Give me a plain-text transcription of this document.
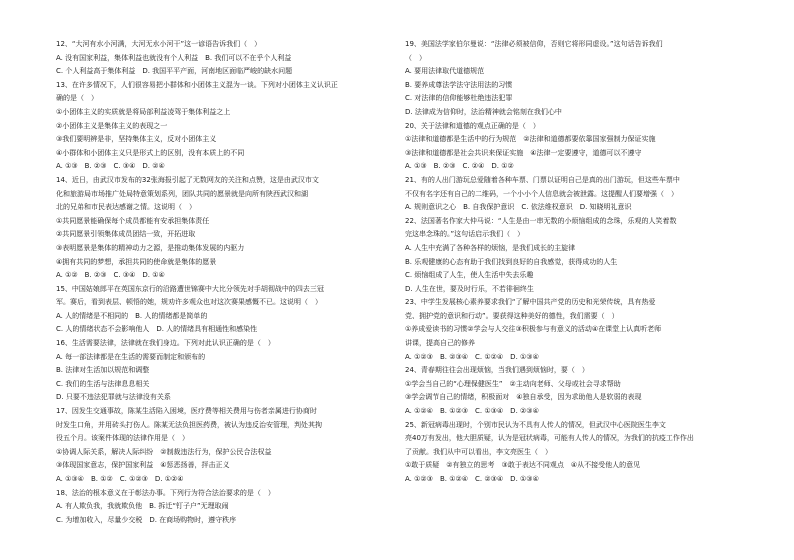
12、“大河有水小河满，大河无水小河干”这一谚语告诉我们（　）
A. 没有国家利益，集体利益也就没有个人利益　B. 我们可以不在乎个人利益
C. 个人利益高于集体利益　D. 我国平平产面，河南地区面临严峻的缺水问题
13、在许多情况下，人们很容易把小群体和小团体主义混为一谈。下列对小团体主义认识正
确的是（　）
①小团体主义的实质就是将局部利益凌驾于集体利益之上
②小团体主义是集体主义的表现之一
③我们要明辨是非，坚持集体主义，反对小团体主义
④小群体和小团体主义只是形式上的区别，没有本质上的不同
A. ①③　B. ②③　C. ③④　D. ②④
14、近日，由武汉市发布的32张海报引起了无数网友的关注和点赞，这是由武汉市文
化和旅游局市场推广处局特意策划系列，团队共同的愿景就是向所有陕西武汉和湖
北的兄弟和市民表达感谢之情。这说明（　）
①共同愿景能确保每个成员都能有安承担集体责任
②共同愿景引领集体成员团结一致，开拓进取
③表明愿景是集体的精神动力之源，是推动集体发展的内驱力
④拥有共同的梦想，承担共同的使命就是集体的愿景
A. ①②　B. ②③　C. ③④　D. ①④
15、中国姑娘郎平在英国东京行的沿路遭世锦赛中大比分领先对手胡彻战中的四去三冠
军。赛后，看到表层、顿悟的她，规劝许多观众也对这次赛果感慨不已。这说明（　）
A. 人的情绪是不相同的　B. 人的情绪都是简单的
C. 人的情绪状态不会影响他人　D. 人的情绪具有相通性和感染性
16、生活需要法律，法律就在我们身边。下列对此认识正确的是（　）
A. 每一部法律都是在生活的需要而制定和颁布的
B. 法律对生活加以规范和调整
C. 我们的生活与法律息息相关
D. 只要不违法犯罪就与法律没有关系
17、因发生交通事故，陈某生活陷入困境，医疗费等相关费用与伤者亲属进行协商时
时发生口角，并用砖头打伤人。陈某无法负担医药费，被认为违反治安管理，判处其拘
役五个月。该案件体现的法律作用是（　）
①协调人际关系，解决人际纠纷　②制裁违法行为，保护公民合法权益
③体现国家意志，保护国家利益　④惩恶扬善，抨击正义
A. ①③④　B. ①②　C. ①②③　D. ①②④
18、法治的根本意义在于彰法办事。下列行为符合法治要求的是（　）
A. 有人欺负我，我就欺负他　B. 拆迁“钉子户”无理取闹
C. 为增加收入，尽量少交税　D. 在商场购物时，遵守秩序
19、美国法学家伯尔曼说：“法律必须被信仰，否则它将形同虚设。”这句话告诉我们
（　）
A. 要用法律取代道德规范
B. 要养成尊法学法守法用法的习惯
C. 对法律的信仰能够杜绝违法犯罪
D. 法律成为信仰时，法治精神就会铭刻在我们心中
20、关于法律和道德的观点正确的是（　）
①法律和道德都是生活中的行为规范　②法律和道德都要依靠国家强制力保证实施
③法律和道德都是社会共识来保证实施　④法律一定要遵守，道德可以不遵守
A. ①③　B. ②③　C. ②④　D. ①②
21、有的人出门游玩总爱随着各种车票、门票以证明自己是真的出门游玩，但这些车票中
不仅有名字还有自己的二维码，一个小小个人信息就会被泄露。这提醒人们要增强（　）
A. 规则意识之心　B. 自我保护意识　C. 依法维权意识　D. 知晓明礼意识
22、法国著名作家大仲马说：“人生是由一串无数的小烦恼组成的念珠，乐观的人笑着数
完这串念珠的。”这句话启示我们（　）
A. 人生中充满了各种各样的烦恼，是我们成长的主旋律
B. 乐观健康的心态有助于我们找到良好的自我感觉，获得成功的人生
C. 烦恼组成了人生，使人生活中失去乐趣
D. 人生在世，要及时行乐，不若徘徊终生
23、中学生发展核心素养要求我们“了解中国共产党的历史和光荣传统，具有热爱
党、拥护党的意识和行动”。要获得这种美好的德性，我们需要（　）
①养成爱读书的习惯②学会与人交往③积极参与有意义的活动④在课堂上认真听老师
讲课，提高自己的修养
A. ①②③　B. ②③④　C. ①②④　D. ①③④
24、青春期往往会出现烦恼，当我们遇到烦恼时，要（　）
①学会当自己的“心理保健医生”　②主动向老师、父母或社会寻求帮助
③学会调节自己的情绪，积极面对　④独自承受，因为求助他人是软弱的表现
A. ①②④　B. ①②③　C. ①③④　D. ②③④
25、新冠病毒出现时，个别市民认为不具有人传人的情况，但武汉中心医院医生李文
亮40万有发出，他大胆质疑，认为是冠状病毒，可能有人传人的情况，为我们的抗疫工作作出
了贡献。我们从中可以看出，李文亮医生（　）
①敢于质疑　②有独立的思考　③敢于表达不同观点　④从不接受他人的意见
A. ①②③　B. ①②④　C. ②③④　D. ①③④
